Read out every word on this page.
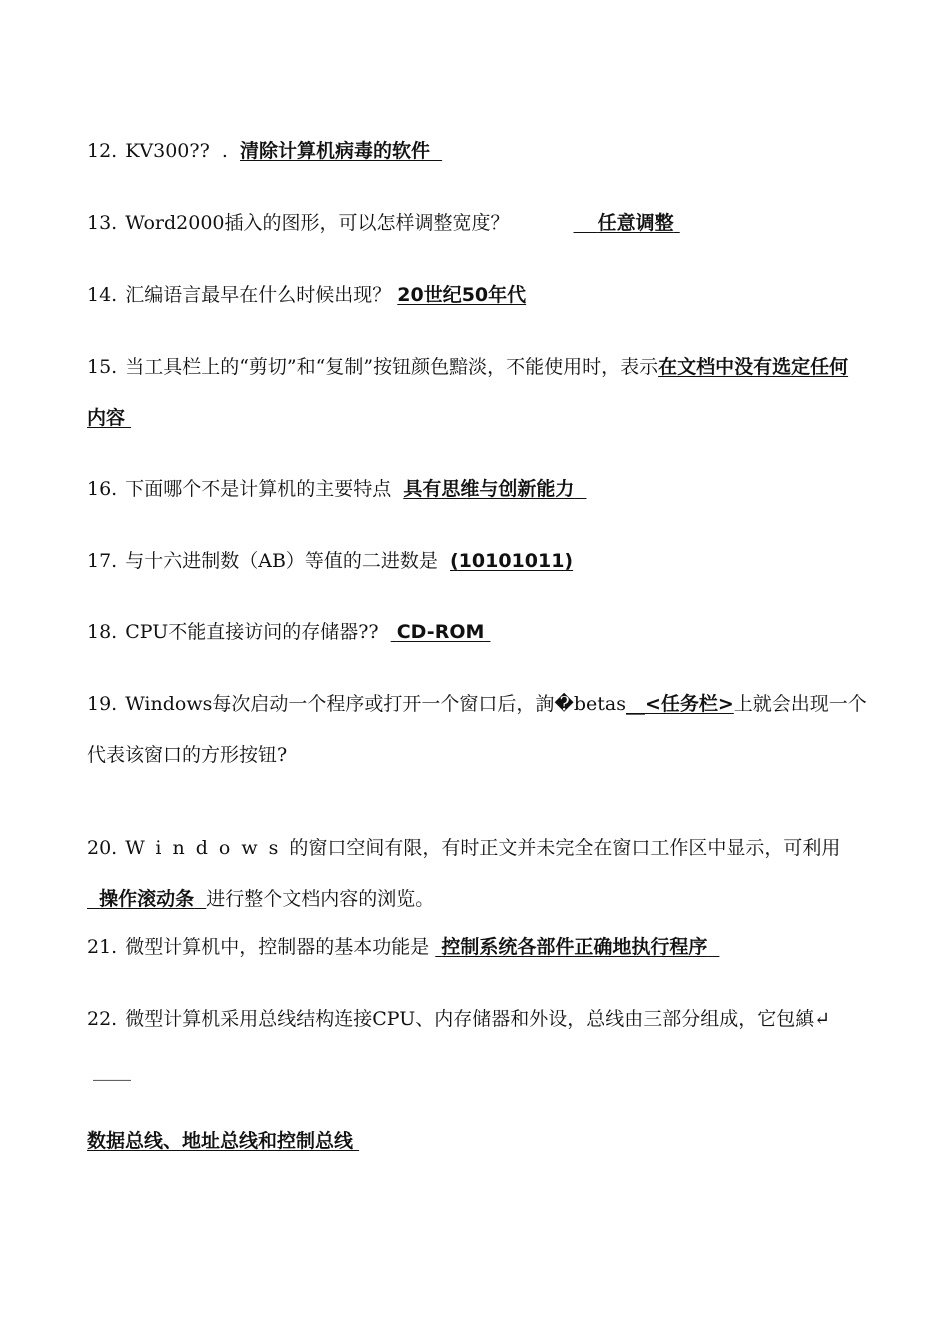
12. KV300??  .  清除计算机病毒的软件
13. Word2000插入的图形，可以怎样调整宽度？	任意调整
14. 汇编语言最早在什么时候出现？ 20世纪50年代
15. 当工具栏上的“剪切”和“复制”按钮颜色黯淡，不能使用时，表示在文档中没有选定任何内容
16. 下面哪个不是计算机的主要特点  具有思维与创新能力
17. 与十六进制数（AB）等值的二进数是  (10101011)
18. CPU不能直接访问的存储器??   CD-ROM
19. Windows每次启动一个程序或打开一个窗口后，詢�betas__<任务栏>上就会出现一个代表该窗口的方形按钮?
20. Windows的窗口空间有限，有时正文并未完全在窗口工作区中显示，可利用  操作滚动条 进行整个文档内容的浏览。
21. 微型计算机中，控制器的基本功能是  控制系统各部件正确地执行程序
22. 微型计算机采用总线结构连接CPU、内存储器和外设，总线由三部分组成，它包縝↵ ____
数据总线、地址总线和控制总线
